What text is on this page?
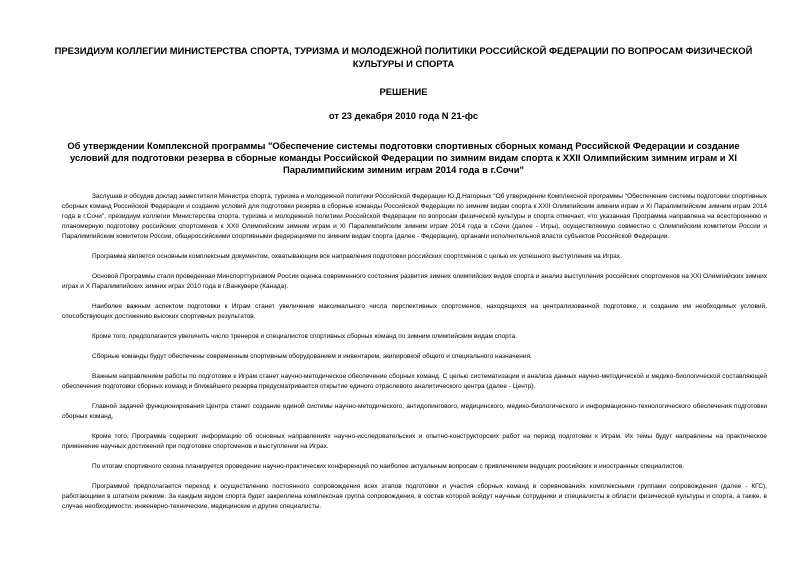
ПРЕЗИДИУМ КОЛЛЕГИИ МИНИСТЕРСТВА СПОРТА, ТУРИЗМА И МОЛОДЕЖНОЙ ПОЛИТИКИ РОССИЙСКОЙ ФЕДЕРАЦИИ ПО ВОПРОСАМ ФИЗИЧЕСКОЙ КУЛЬТУРЫ И СПОРТА
РЕШЕНИЕ
от 23 декабря 2010 года N 21-фс
Об утверждении Комплексной программы "Обеспечение системы подготовки спортивных сборных команд Российской Федерации и создание условий для подготовки резерва в сборные команды Российской Федерации по зимним видам спорта к XXII Олимпийским зимним играм и XI Паралимпийским зимним играм 2014 года в г.Сочи"

Заслушав и обсудив доклад заместителя Министра спорта, туризма и молодежной политики Российской Федерации Ю.Д.Нагорных "Об утверждении Комплексной программы "Обеспечение системы подготовки спортивных сборных команд Российской Федерации и создание условий для подготовки резерва в сборные команды Российской Федерации по зимним видам спорта к XXII Олимпийским зимним играм и XI Паралимпийским зимним играм 2014 года в г.Сочи", президиум коллегии Министерства спорта, туризма и молодежной политики Российской Федерации по вопросам физической культуры и спорта отмечает, что указанная Программа направлена на всестороннюю и планомерную подготовку российских спортсменов к XXII Олимпийским зимним играм и XI Паралимпийским зимним играм 2014 года в г.Сочи (далее - Игры), осуществляемую совместно с Олимпийским комитетом России и Паралимпийским комитетом России, общероссийскими спортивными федерациями по зимним видам спорта (далее - Федерации), органами исполнительной власти субъектов Российской Федерации.

Программа является основным комплексным документом, охватывающим все направления подготовки российских спортсменов с целью их успешного выступления на Играх.

Основой Программы стали проведенная Минспорттуризмом России оценка современного состояния развития зимних олимпийских видов спорта и анализ выступления российских спортсменов на XXI Олимпийских зимних играх и X Паралимпийских зимних играх 2010 года в г.Ванкувере (Канада).

Наиболее важным аспектом подготовки к Играм станет увеличение максимального числа перспективных спортсменов, находящихся на централизованной подготовке, и создание им необходимых условий, способствующих достижению высоких спортивных результатов.

Кроме того, предполагается увеличить число тренеров и специалистов спортивных сборных команд по зимним олимпийским видам спорта.

Сборные команды будут обеспечены современным спортивным оборудованием и инвентарем, экипировкой общего и специального назначения.

Важным направлением работы по подготовке к Играм станет научно-методическое обеспечение сборных команд. С целью систематизации и анализа данных научно-методической и медико-биологической составляющей обеспечения подготовки сборных команд и ближайшего резерва предусматривается открытие единого отраслевого аналитического центра (далее - Центр).

Главной задачей функционирования Центра станет создание единой системы научно-методического, антидопингового, медицинского, медико-биологического и информационно-технологического обеспечения подготовки сборных команд.

Кроме того, Программа содержит информацию об основных направлениях научно-исследовательских и опытно-конструкторских работ на период подготовки к Играм. Их темы будут направлены на практическое применение научных достижений при подготовке спортсменов и выступлении на Играх.

По итогам спортивного сезона планируется проведение научно-практических конференций по наиболее актуальным вопросам с привлечением ведущих российских и иностранных специалистов.

Программой предполагается переход к осуществлению постоянного сопровождения всех этапов подготовки и участия сборных команд в соревнованиях комплексными группами сопровождения (далее - КГС), работающими в штатном режиме. За каждым видом спорта будет закреплена комплексная группа сопровождения, в состав которой войдут научные сотрудники и специалисты в области физической культуры и спорта, а также, в случае необходимости, инженерно-технические, медицинские и другие специалисты.
